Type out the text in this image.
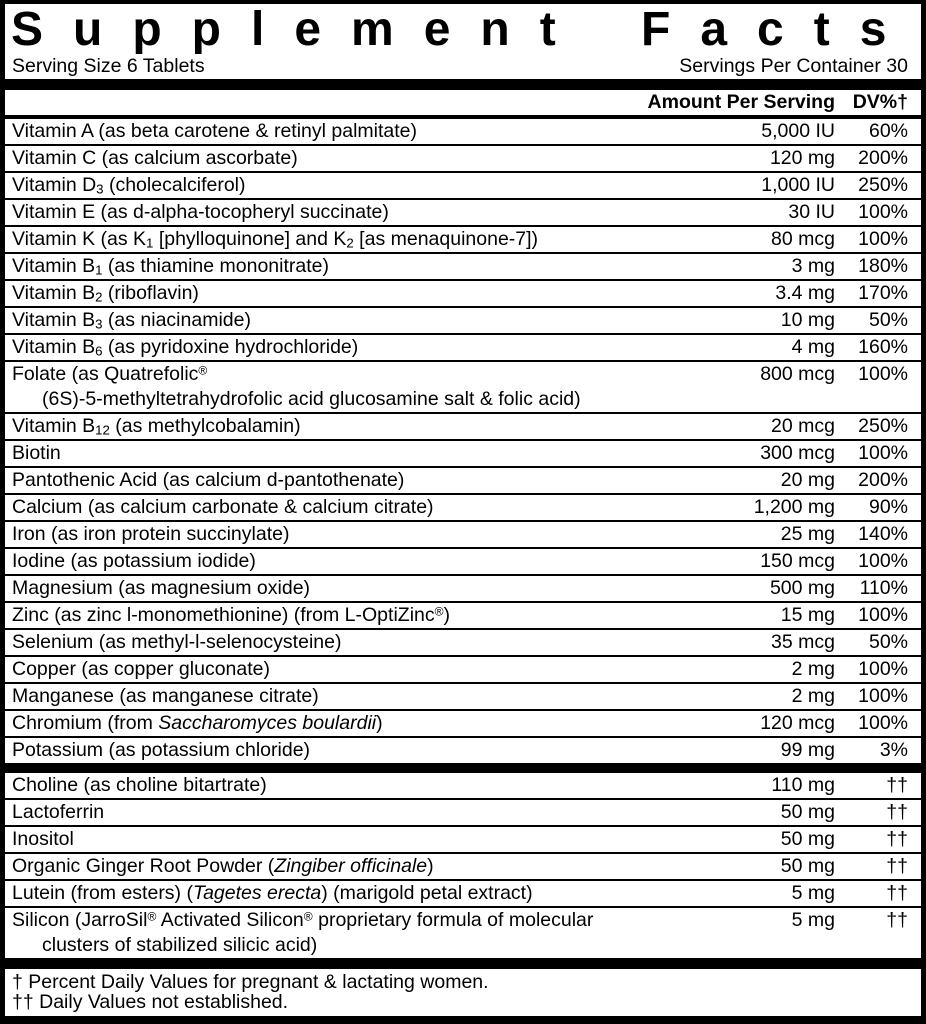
Supplement Facts
Serving Size 6 Tablets	Servings Per Container 30
Amount Per Serving DV%†
Vitamin A (as beta carotene & retinyl palmitate)	5,000 IU	60%
Vitamin C (as calcium ascorbate)	120 mg	200%
Vitamin $D_3$ (cholecalciferol)	1,000 IU	250%
Vitamin E (as d-alpha-tocopheryl succinate)	30 IU	100%
Vitamin K (as $K_1$ [phylloquinone] and $K_2$ [as menaquinone-7])	80 mcg	100%
Vitamin $B_1$ (as thiamine mononitrate)	3 mg	180%
Vitamin $B_2$ (riboflavin)	3.4 mg	170%
Vitamin $B_3$ (as niacinamide)	10 mg	50%
Vitamin $B_6$ (as pyridoxine hydrochloride)	4 mg	160%
Folate (as Quatrefolic®
(6S)-5-methyltetrahydrofolic acid glucosamine salt & folic acid)
800 mcg	100%
Vitamin $B_{12}$ (as methylcobalamin)	20 mcg	250%
Biotin	300 mcg	100%
Pantothenic Acid (as calcium d-pantothenate)	20 mg	200%
Calcium (as calcium carbonate & calcium citrate)	1,200 mg	90%
Iron (as iron protein succinylate)	25 mg	140%
Iodine (as potassium iodide)	150 mcg	100%
Magnesium (as magnesium oxide)	500 mg	110%
Zinc (as zinc l-monomethionine) (from L-OptiZinc®)	15 mg	100%
Selenium (as methyl-l-selenocysteine)	35 mcg	50%
Copper (as copper gluconate)	2 mg	100%
Manganese (as manganese citrate)	2 mg	100%
Chromium (from Saccharomyces boulardii)	120 mcg	100%
Potassium (as potassium chloride)	99 mg	3%
Choline (as choline bitartrate)	110 mg	††
Lactoferrin	50 mg	††
Inositol	50 mg	††
Organic Ginger Root Powder (Zingiber officinale)	50 mg	††
Lutein (from esters) (Tagetes erecta) (marigold petal extract)	5 mg	††
Silicon (JarroSil® Activated Silicon® proprietary formula of molecular
clusters of stabilized silicic acid)
5 mg	††
† Percent Daily Values for pregnant & lactating women.
†† Daily Values not established.
